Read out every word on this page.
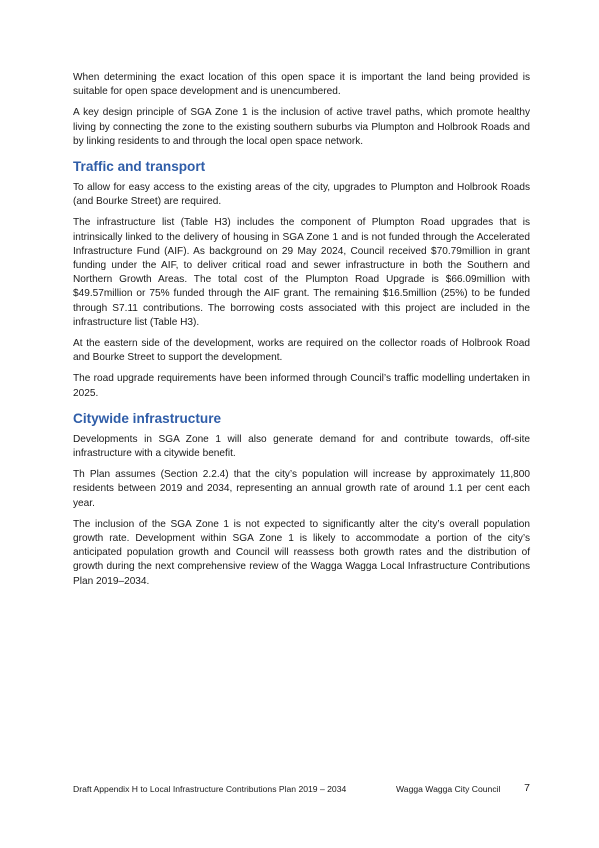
When determining the exact location of this open space it is important the land being provided is suitable for open space development and is unencumbered.

A key design principle of SGA Zone 1 is the inclusion of active travel paths, which promote healthy living by connecting the zone to the existing southern suburbs via Plumpton and Holbrook Roads and by linking residents to and through the local open space network.

Traffic and transport

To allow for easy access to the existing areas of the city, upgrades to Plumpton and Holbrook Roads (and Bourke Street) are required.

The infrastructure list (Table H3) includes the component of Plumpton Road upgrades that is intrinsically linked to the delivery of housing in SGA Zone 1 and is not funded through the Accelerated Infrastructure Fund (AIF). As background on 29 May 2024, Council received $70.79million in grant funding under the AIF, to deliver critical road and sewer infrastructure in both the Southern and Northern Growth Areas. The total cost of the Plumpton Road Upgrade is $66.09million with $49.57million or 75% funded through the AIF grant. The remaining $16.5million (25%) to be funded through S7.11 contributions. The borrowing costs associated with this project are included in the infrastructure list (Table H3).

At the eastern side of the development, works are required on the collector roads of Holbrook Road and Bourke Street to support the development.

The road upgrade requirements have been informed through Council’s traffic modelling undertaken in 2025.

Citywide infrastructure

Developments in SGA Zone 1 will also generate demand for and contribute towards, off-site infrastructure with a citywide benefit.

Th Plan assumes (Section 2.2.4) that the city’s population will increase by approximately 11,800 residents between 2019 and 2034, representing an annual growth rate of around 1.1 per cent each year.

The inclusion of the SGA Zone 1 is not expected to significantly alter the city’s overall population growth rate. Development within SGA Zone 1 is likely to accommodate a portion of the city’s anticipated population growth and Council will reassess both growth rates and the distribution of growth during the next comprehensive review of the Wagga Wagga Local Infrastructure Contributions Plan 2019–2034.

Draft Appendix H to Local Infrastructure Contributions Plan 2019 – 2034	Wagga Wagga City Council 7
